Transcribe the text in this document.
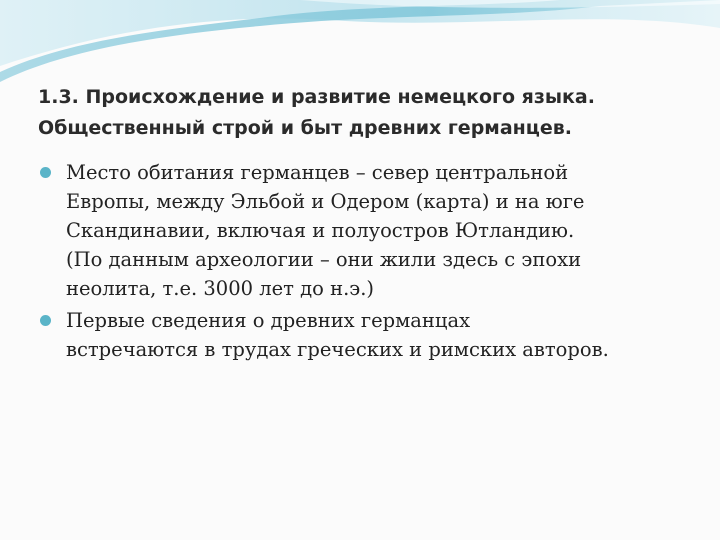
1.3. Происхождение и развитие немецкого языка.
Общественный строй и быт древних германцев.
Место обитания германцев – север центральной
Европы, между Эльбой и Одером (карта) и на юге
Скандинавии, включая и полуостров Ютландию.
(По данным археологии – они жили здесь с эпохи
неолита, т.е. 3000 лет до н.э.)
Первые сведения о древних германцах
встречаются в трудах греческих и римских авторов.
